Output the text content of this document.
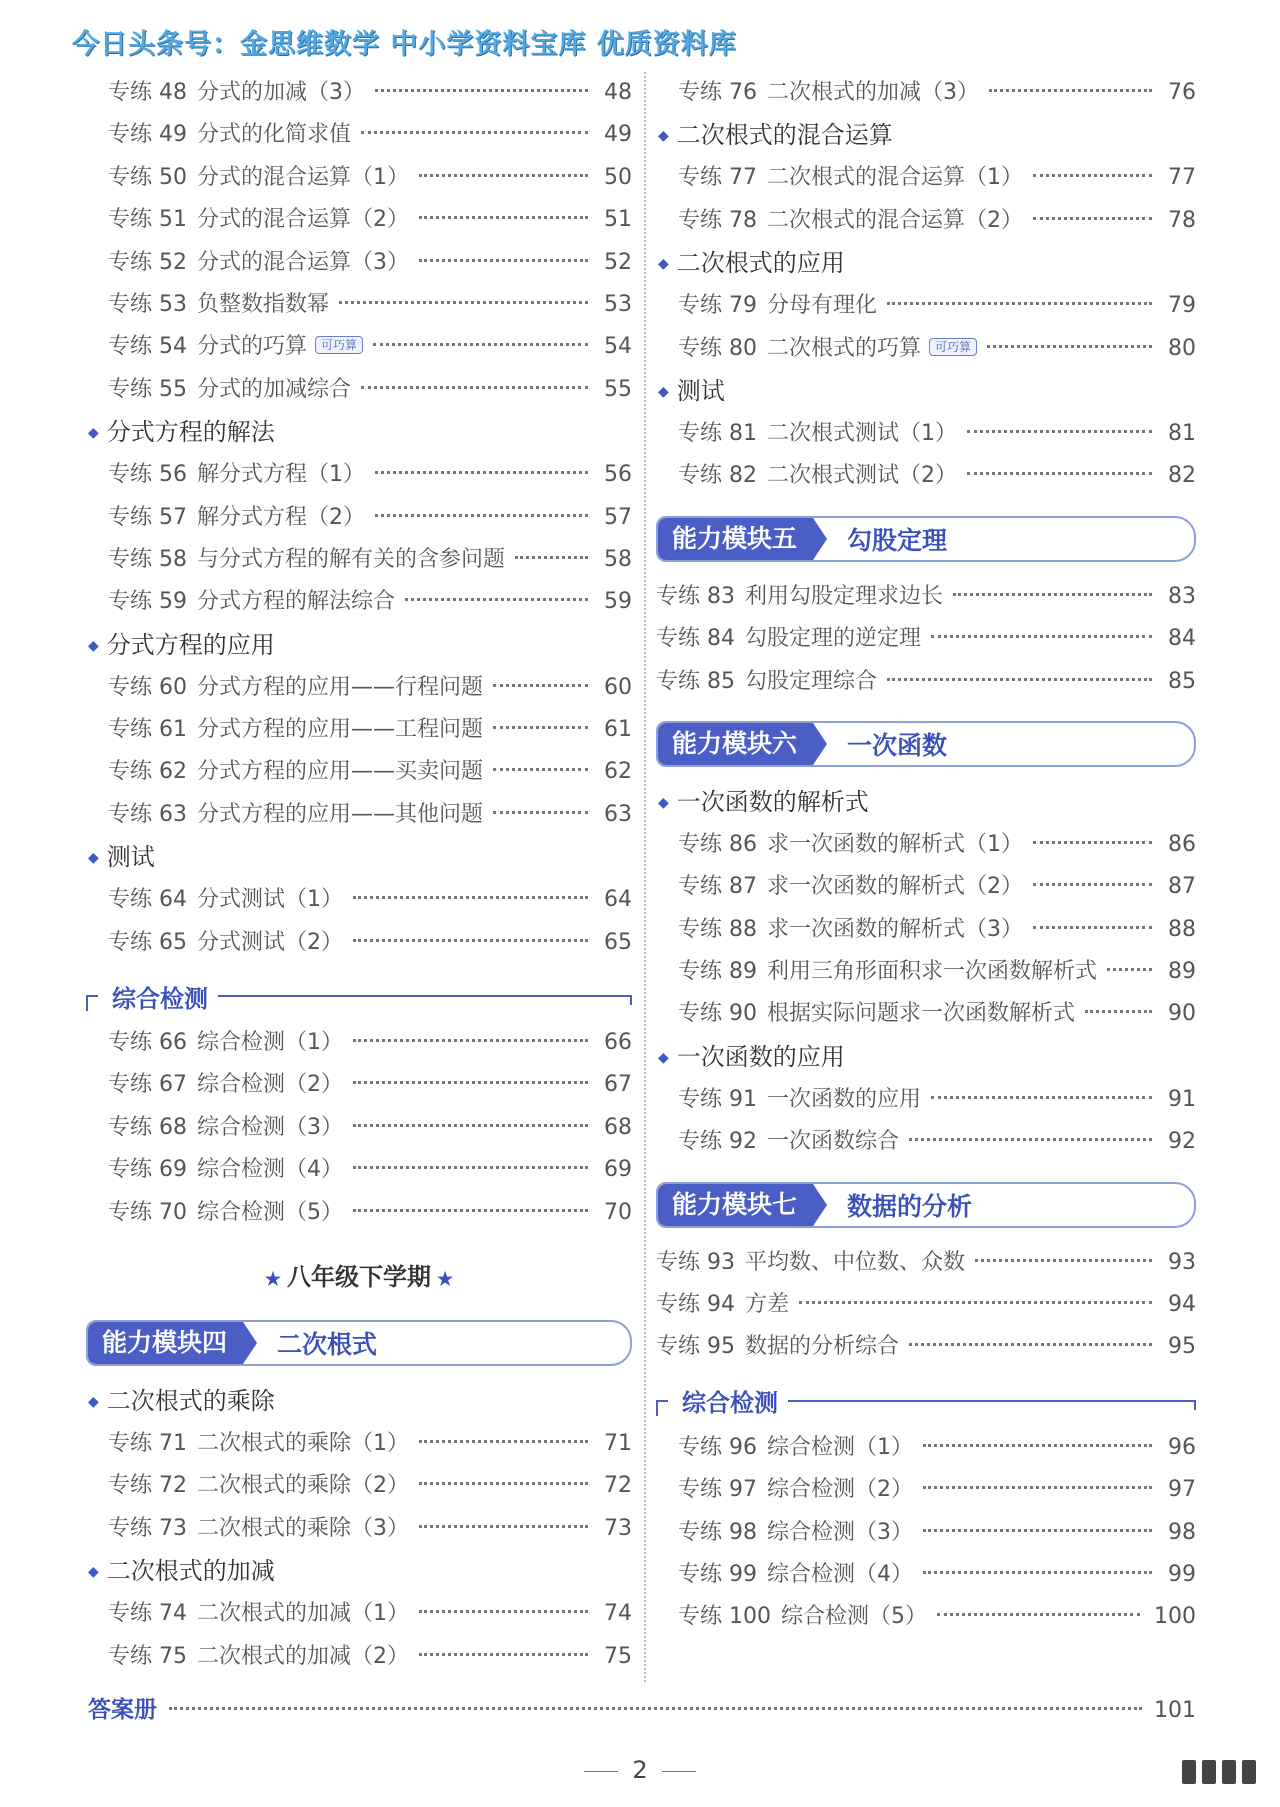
今日头条号：金思维数学 中小学资料宝库 优质资料库
专练 48 分式的加减（3）	48
专练 49 分式的化简求值	49
专练 50 分式的混合运算（1）	50
专练 51 分式的混合运算（2）	51
专练 52 分式的混合运算（3）	52
专练 53 负整数指数幂	53
专练 54 分式的巧算	可巧算	54
专练 55 分式的加减综合	55
◆ 分式方程的解法
专练 56 解分式方程（1）	56
专练 57 解分式方程（2）	57
专练 58 与分式方程的解有关的含参问题	58
专练 59 分式方程的解法综合	59
◆ 分式方程的应用
专练 60 分式方程的应用——行程问题	60
专练 61 分式方程的应用——工程问题	61
专练 62 分式方程的应用——买卖问题	62
专练 63 分式方程的应用——其他问题	63
◆ 测试
专练 64 分式测试（1）	64
专练 65 分式测试（2）	65
综合检测
专练 66 综合检测（1）	66
专练 67 综合检测（2）	67
专练 68 综合检测（3）	68
专练 69 综合检测（4）	69
专练 70 综合检测（5）	70
★ 八年级下学期 ★
能力模块四	二次根式
◆ 二次根式的乘除
专练 71 二次根式的乘除（1）	71
专练 72 二次根式的乘除（2）	72
专练 73 二次根式的乘除（3）	73
◆ 二次根式的加减
专练 74 二次根式的加减（1）	74
专练 75 二次根式的加减（2）	75
专练 76 二次根式的加减（3）	76
◆ 二次根式的混合运算
专练 77 二次根式的混合运算（1）	77
专练 78 二次根式的混合运算（2）	78
◆ 二次根式的应用
专练 79 分母有理化	79
专练 80 二次根式的巧算	可巧算	80
◆ 测试
专练 81 二次根式测试（1）	81
专练 82 二次根式测试（2）	82
能力模块五	勾股定理
专练 83 利用勾股定理求边长	83
专练 84 勾股定理的逆定理	84
专练 85 勾股定理综合	85
能力模块六	一次函数
◆ 一次函数的解析式
专练 86 求一次函数的解析式（1）	86
专练 87 求一次函数的解析式（2）	87
专练 88 求一次函数的解析式（3）	88
专练 89 利用三角形面积求一次函数解析式	89
专练 90 根据实际问题求一次函数解析式	90
◆ 一次函数的应用
专练 91 一次函数的应用	91
专练 92 一次函数综合	92
能力模块七	数据的分析
专练 93 平均数、中位数、众数	93
专练 94 方差	94
专练 95 数据的分析综合	95
综合检测
专练 96 综合检测（1）	96
专练 97 综合检测（2）	97
专练 98 综合检测（3）	98
专练 99 综合检测（4）	99
专练 100 综合检测（5）	100
答案册	101
2
